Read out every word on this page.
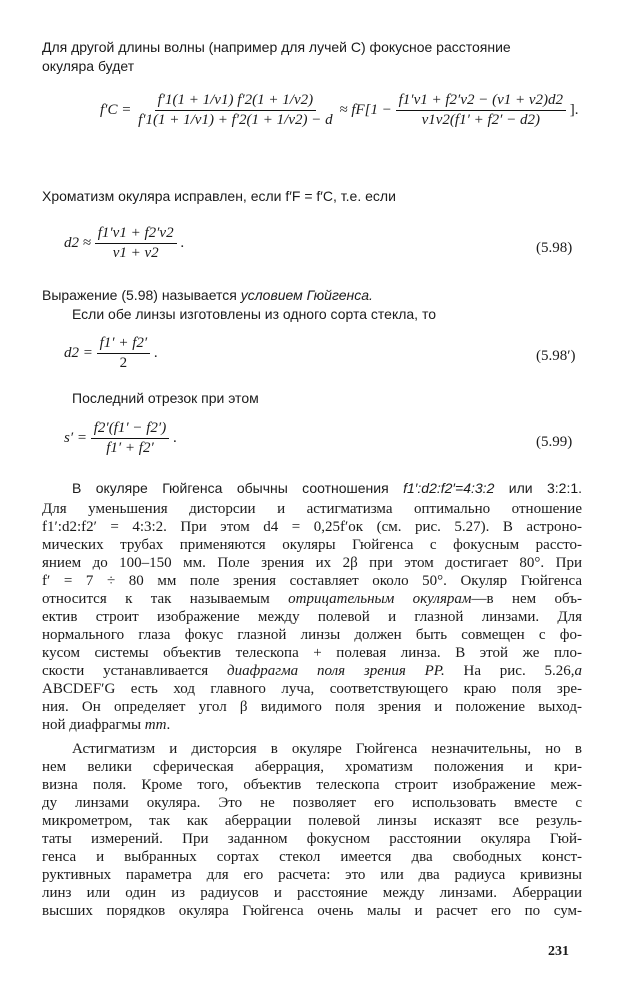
Для другой длины волны (например для лучей С) фокусное расстояние
окуляра будет
$f'C = \frac{f'1(1 + 1/\nu 1) f'2(1 + 1/\nu 2)}{f'1(1 + 1/\nu 1) + f'2(1 + 1/\nu 2) - d} \approx fF[1 - \frac{f1'\nu 1 + f2'\nu 2 - (\nu 1 + \nu 2)d2}{\nu 1\nu 2(f1' + f2' - d2)}$ ].
Хроматизм окуляра исправлен, если f′F = f′C, т.е. если
$d2 \approx \frac{f1'\nu 1 + f2'\nu 2}{\nu 1 + \nu 2}$ .	(5.98)
Выражение (5.98) называется условием Гюйгенса.
Если обе линзы изготовлены из одного сорта стекла, то
$d2 = \frac{f1' + f2'}{2}$ .	(5.98′)
Последний отрезок при этом
$s' = \frac{f2'(f1' - f2')}{f1' + f2'}$ .	(5.99)
В окуляре Гюйгенса обычны соотношения f1′:d2:f2′=4:3:2 или 3:2:1.
Для уменьшения дисторсии и астигматизма оптимально отношение
f1′:d2:f2′ = 4:3:2. При этом d4 = 0,25f′ок (см. рис. 5.27). В астроно-
мических трубах применяются окуляры Гюйгенса с фокусным рассто-
янием до 100–150 мм. Поле зрения их 2β при этом достигает 80°. При
f′ = 7 ÷ 80 мм поле зрения составляет около 50°. Окуляр Гюйгенса
относится к так называемым отрицательным окулярам—в нем объ-
ектив строит изображение между полевой и глазной линзами. Для
нормального глаза фокус глазной линзы должен быть совмещен с фо-
кусом системы объектив телескопа + полевая линза. В этой же пло-
скости устанавливается диафрагма поля зрения PP. На рис. 5.26,a
ABCDEF′G есть ход главного луча, соответствующего краю поля зре-
ния. Он определяет угол β видимого поля зрения и положение выход-
ной диафрагмы mm.
Астигматизм и дисторсия в окуляре Гюйгенса незначительны, но в
нем велики сферическая аберрация, хроматизм положения и кри-
визна поля. Кроме того, объектив телескопа строит изображение меж-
ду линзами окуляра. Это не позволяет его использовать вместе с
микрометром, так как аберрации полевой линзы исказят все резуль-
таты измерений. При заданном фокусном расстоянии окуляра Гюй-
генса и выбранных сортах стекол имеется два свободных конст-
руктивных параметра для его расчета: это или два радиуса кривизны
линз или один из радиусов и расстояние между линзами. Аберрации
высших порядков окуляра Гюйгенса очень малы и расчет его по сум-
231
